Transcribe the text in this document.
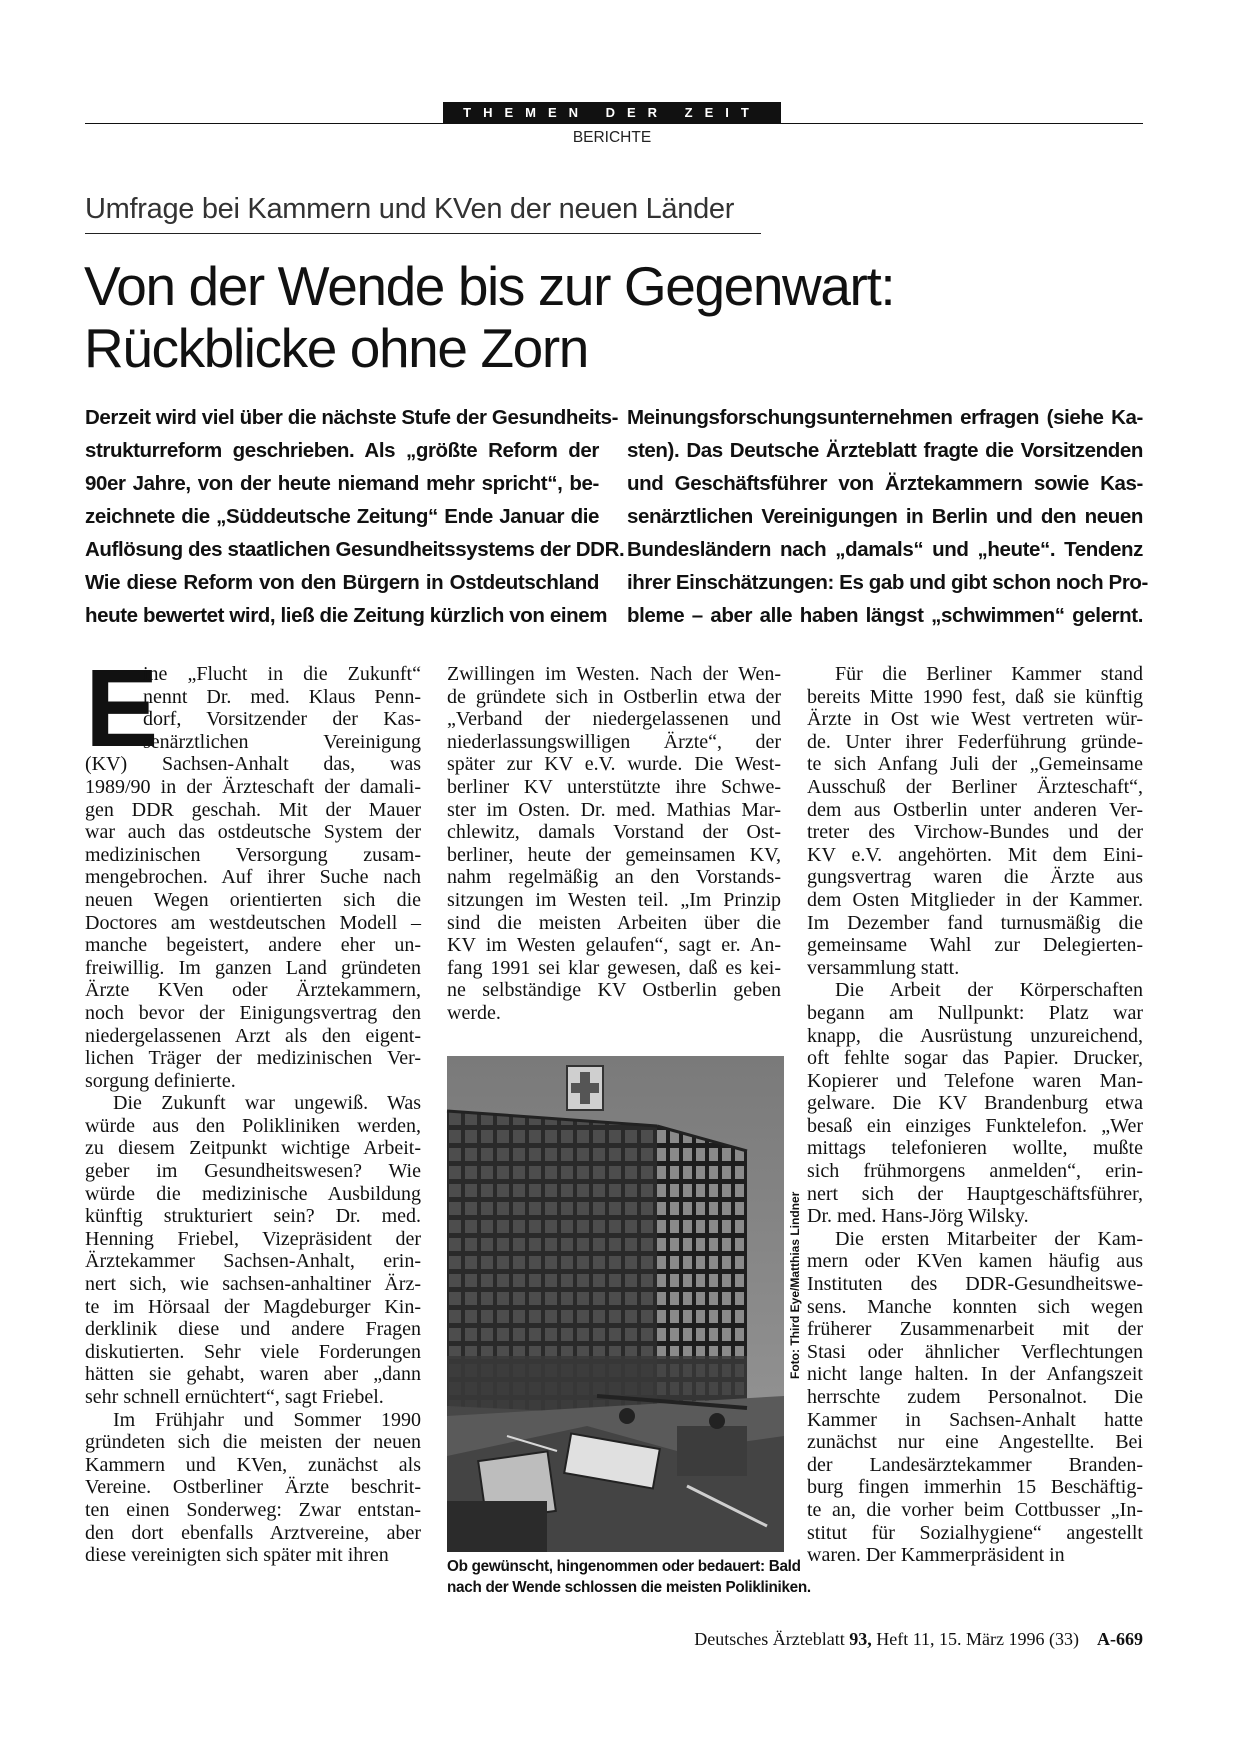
THEMEN DER ZEIT
BERICHTE
Umfrage bei Kammern und KVen der neuen Länder
Von der Wende bis zur Gegenwart:
Rückblicke ohne Zorn
Derzeit wird viel über die nächste Stufe der Gesundheits-
strukturreform geschrieben. Als „größte Reform der
90er Jahre, von der heute niemand mehr spricht“, be-
zeichnete die „Süddeutsche Zeitung“ Ende Januar die
Auflösung des staatlichen Gesundheitssystems der DDR.
Wie diese Reform von den Bürgern in Ostdeutschland
heute bewertet wird, ließ die Zeitung kürzlich von einem
Meinungsforschungsunternehmen erfragen (siehe Ka-
sten). Das Deutsche Ärzteblatt fragte die Vorsitzenden
und Geschäftsführer von Ärztekammern sowie Kas-
senärztlichen Vereinigungen in Berlin und den neuen
Bundesländern nach „damals“ und „heute“. Tendenz
ihrer Einschätzungen: Es gab und gibt schon noch Pro-
bleme – aber alle haben längst „schwimmen“ gelernt.
E
ine „Flucht in die Zukunft“
nennt Dr. med. Klaus Penn-
dorf, Vorsitzender der Kas-
senärztlichen Vereinigung
(KV) Sachsen-Anhalt das, was
1989/90 in der Ärzteschaft der damali-
gen DDR geschah. Mit der Mauer
war auch das ostdeutsche System der
medizinischen Versorgung zusam-
mengebrochen. Auf ihrer Suche nach
neuen Wegen orientierten sich die
Doctores am westdeutschen Modell –
manche begeistert, andere eher un-
freiwillig. Im ganzen Land gründeten
Ärzte KVen oder Ärztekammern,
noch bevor der Einigungsvertrag den
niedergelassenen Arzt als den eigent-
lichen Träger der medizinischen Ver-
sorgung definierte.
Die Zukunft war ungewiß. Was
würde aus den Polikliniken werden,
zu diesem Zeitpunkt wichtige Arbeit-
geber im Gesundheitswesen? Wie
würde die medizinische Ausbildung
künftig strukturiert sein? Dr. med.
Henning Friebel, Vizepräsident der
Ärztekammer Sachsen-Anhalt, erin-
nert sich, wie sachsen-anhaltiner Ärz-
te im Hörsaal der Magdeburger Kin-
derklinik diese und andere Fragen
diskutierten. Sehr viele Forderungen
hätten sie gehabt, waren aber „dann
sehr schnell ernüchtert“, sagt Friebel.
Im Frühjahr und Sommer 1990
gründeten sich die meisten der neuen
Kammern und KVen, zunächst als
Vereine. Ostberliner Ärzte beschrit-
ten einen Sonderweg: Zwar entstan-
den dort ebenfalls Arztvereine, aber
diese vereinigten sich später mit ihren
Zwillingen im Westen. Nach der Wen-
de gründete sich in Ostberlin etwa der
„Verband der niedergelassenen und
niederlassungswilligen Ärzte“, der
später zur KV e.V. wurde. Die West-
berliner KV unterstützte ihre Schwe-
ster im Osten. Dr. med. Mathias Mar-
chlewitz, damals Vorstand der Ost-
berliner, heute der gemeinsamen KV,
nahm regelmäßig an den Vorstands-
sitzungen im Westen teil. „Im Prinzip
sind die meisten Arbeiten über die
KV im Westen gelaufen“, sagt er. An-
fang 1991 sei klar gewesen, daß es kei-
ne selbständige KV Ostberlin geben
werde.
Für die Berliner Kammer stand
bereits Mitte 1990 fest, daß sie künftig
Ärzte in Ost wie West vertreten wür-
de. Unter ihrer Federführung gründe-
te sich Anfang Juli der „Gemeinsame
Ausschuß der Berliner Ärzteschaft“,
dem aus Ostberlin unter anderen Ver-
treter des Virchow-Bundes und der
KV e.V. angehörten. Mit dem Eini-
gungsvertrag waren die Ärzte aus
dem Osten Mitglieder in der Kammer.
Im Dezember fand turnusmäßig die
gemeinsame Wahl zur Delegierten-
versammlung statt.
Die Arbeit der Körperschaften
begann am Nullpunkt: Platz war
knapp, die Ausrüstung unzureichend,
oft fehlte sogar das Papier. Drucker,
Kopierer und Telefone waren Man-
gelware. Die KV Brandenburg etwa
besaß ein einziges Funktelefon. „Wer
mittags telefonieren wollte, mußte
sich frühmorgens anmelden“, erin-
nert sich der Hauptgeschäftsführer,
Dr. med. Hans-Jörg Wilsky.
Die ersten Mitarbeiter der Kam-
mern oder KVen kamen häufig aus
Instituten des DDR-Gesundheitswe-
sens. Manche konnten sich wegen
früherer Zusammenarbeit mit der
Stasi oder ähnlicher Verflechtungen
nicht lange halten. In der Anfangszeit
herrschte zudem Personalnot. Die
Kammer in Sachsen-Anhalt hatte
zunächst nur eine Angestellte. Bei
der Landesärztekammer Branden-
burg fingen immerhin 15 Beschäftig-
te an, die vorher beim Cottbusser „In-
stitut für Sozialhygiene“ angestellt
waren. Der Kammerpräsident in
Foto: Third Eye/Matthias Lindner
Ob gewünscht, hingenommen oder bedauert: Bald
nach der Wende schlossen die meisten Polikliniken.
Deutsches Ärzteblatt 93, Heft 11, 15. März 1996 (33) A-669
